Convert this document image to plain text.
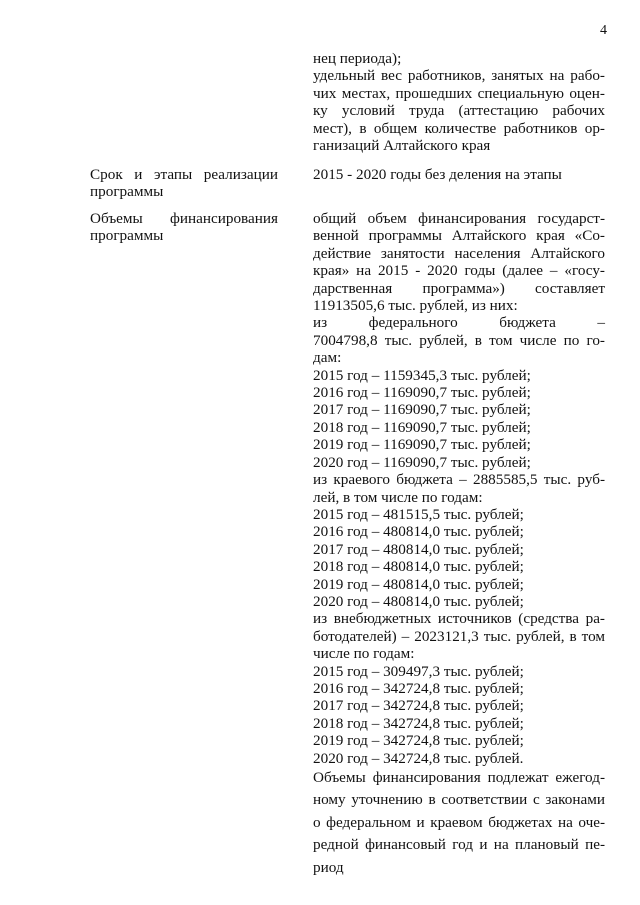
4
нец периода);
удельный вес работников, занятых на рабо-
чих местах, прошедших специальную оцен-
ку условий труда (аттестацию рабочих
мест), в общем количестве работников ор-
ганизаций Алтайского края
Срок и этапы реализации
программы
2015 - 2020 годы без деления на этапы
Объемы финансирования
программы
общий объем финансирования государст-
венной программы Алтайского края «Со-
действие занятости населения Алтайского
края» на 2015 - 2020 годы (далее – «госу-
дарственная программа») составляет
11913505,6 тыс. рублей, из них:
из федерального бюджета –
7004798,8 тыс. рублей, в том числе по го-
дам:
2015 год – 1159345,3 тыс. рублей;
2016 год – 1169090,7 тыс. рублей;
2017 год – 1169090,7 тыс. рублей;
2018 год – 1169090,7 тыс. рублей;
2019 год – 1169090,7 тыс. рублей;
2020 год – 1169090,7 тыс. рублей;
из краевого бюджета – 2885585,5 тыс. руб-
лей, в том числе по годам:
2015 год – 481515,5 тыс. рублей;
2016 год – 480814,0 тыс. рублей;
2017 год – 480814,0 тыс. рублей;
2018 год – 480814,0 тыс. рублей;
2019 год – 480814,0 тыс. рублей;
2020 год – 480814,0 тыс. рублей;
из внебюджетных источников (средства ра-
ботодателей) – 2023121,3 тыс. рублей, в том
числе по годам:
2015 год – 309497,3 тыс. рублей;
2016 год – 342724,8 тыс. рублей;
2017 год – 342724,8 тыс. рублей;
2018 год – 342724,8 тыс. рублей;
2019 год – 342724,8 тыс. рублей;
2020 год – 342724,8 тыс. рублей.
Объемы финансирования подлежат ежегод-
ному уточнению в соответствии с законами
о федеральном и краевом бюджетах на оче-
редной финансовый год и на плановый пе-
риод
